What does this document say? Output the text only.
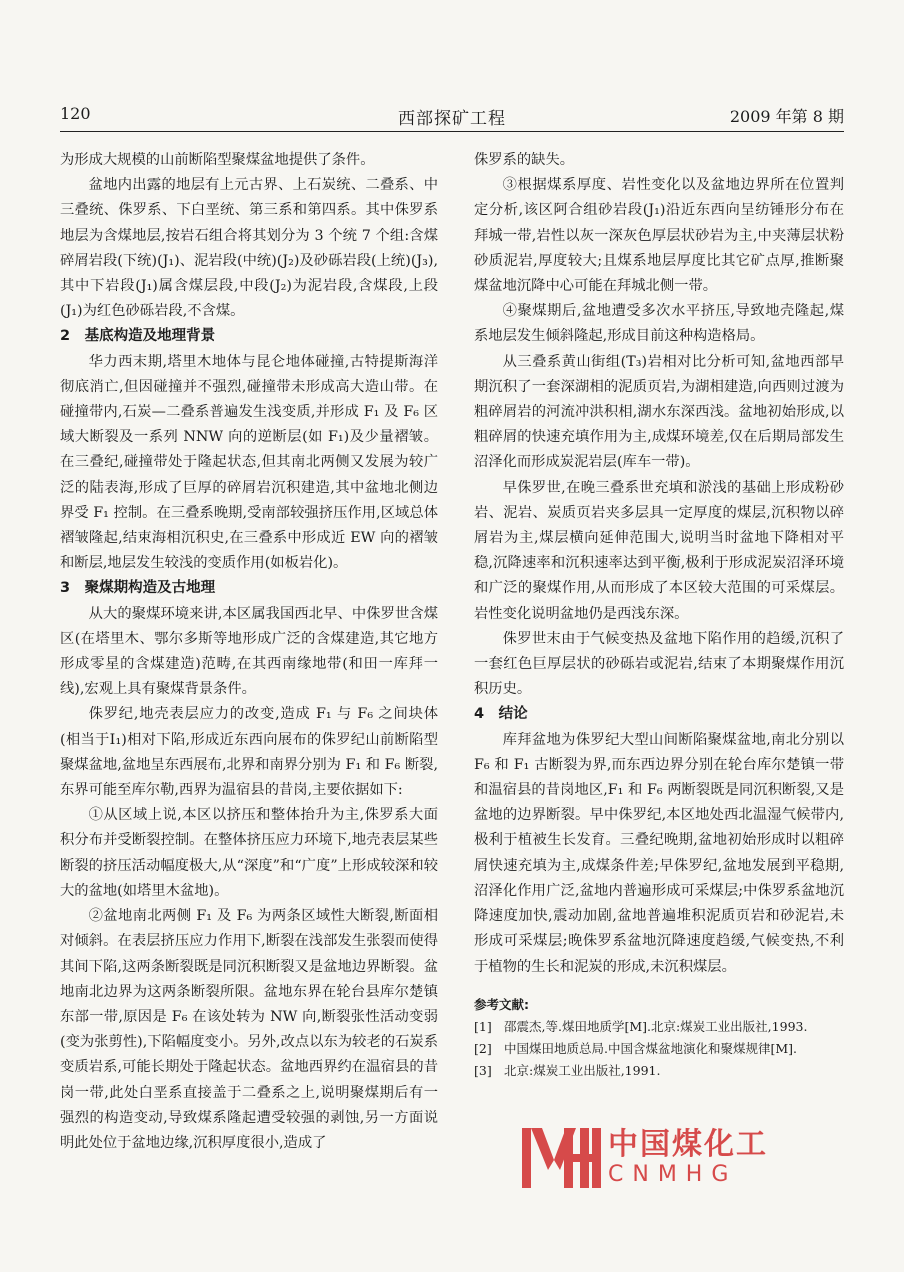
120	西部探矿工程	2009 年第 8 期

为形成大规模的山前断陷型聚煤盆地提供了条件。

盆地内出露的地层有上元古界、上石炭统、二叠系、中三叠统、侏罗系、下白垩统、第三系和第四系。其中侏罗系地层为含煤地层,按岩石组合将其划分为 3 个统 7 个组:含煤碎屑岩段(下统)(J₁)、泥岩段(中统)(J₂)及砂砾岩段(上统)(J₃),其中下岩段(J₁)属含煤层段,中段(J₂)为泥岩段,含煤段,上段(J₁)为红色砂砾岩段,不含煤。

2　基底构造及地理背景

华力西末期,塔里木地体与昆仑地体碰撞,古特提斯海洋彻底消亡,但因碰撞并不强烈,碰撞带未形成高大造山带。在碰撞带内,石炭—二叠系普遍发生浅变质,并形成 F₁ 及 F₆ 区域大断裂及一系列 NNW 向的逆断层(如 F₁)及少量褶皱。在三叠纪,碰撞带处于隆起状态,但其南北两侧又发展为较广泛的陆表海,形成了巨厚的碎屑岩沉积建造,其中盆地北侧边界受 F₁ 控制。在三叠系晚期,受南部较强挤压作用,区域总体褶皱隆起,结束海相沉积史,在三叠系中形成近 EW 向的褶皱和断层,地层发生较浅的变质作用(如板岩化)。

3　聚煤期构造及古地理

从大的聚煤环境来讲,本区属我国西北早、中侏罗世含煤区(在塔里木、鄂尔多斯等地形成广泛的含煤建造,其它地方形成零星的含煤建造)范畴,在其西南缘地带(和田一库拜一线),宏观上具有聚煤背景条件。

侏罗纪,地壳表层应力的改变,造成 F₁ 与 F₆ 之间块体(相当于Ⅰ₁)相对下陷,形成近东西向展布的侏罗纪山前断陷型聚煤盆地,盆地呈东西展布,北界和南界分别为 F₁ 和 F₆ 断裂,东界可能至库尔勒,西界为温宿县的昔岗,主要依据如下:

①从区域上说,本区以挤压和整体抬升为主,侏罗系大面积分布并受断裂控制。在整体挤压应力环境下,地壳表层某些断裂的挤压活动幅度极大,从“深度”和“广度”上形成较深和较大的盆地(如塔里木盆地)。

②盆地南北两侧 F₁ 及 F₆ 为两条区域性大断裂,断面相对倾斜。在表层挤压应力作用下,断裂在浅部发生张裂而使得其间下陷,这两条断裂既是同沉积断裂又是盆地边界断裂。盆地南北边界为这两条断裂所限。盆地东界在轮台县库尔楚镇东部一带,原因是 F₆ 在该处转为 NW 向,断裂张性活动变弱(变为张剪性),下陷幅度变小。另外,改点以东为较老的石炭系变质岩系,可能长期处于隆起状态。盆地西界约在温宿县的昔岗一带,此处白垩系直接盖于二叠系之上,说明聚煤期后有一强烈的构造变动,导致煤系隆起遭受较强的剥蚀,另一方面说明此处位于盆地边缘,沉积厚度很小,造成了

侏罗系的缺失。

③根据煤系厚度、岩性变化以及盆地边界所在位置判定分析,该区阿合组砂岩段(J₁)沿近东西向呈纺锤形分布在拜城一带,岩性以灰一深灰色厚层状砂岩为主,中夹薄层状粉砂质泥岩,厚度较大;且煤系地层厚度比其它矿点厚,推断聚煤盆地沉降中心可能在拜城北侧一带。

④聚煤期后,盆地遭受多次水平挤压,导致地壳隆起,煤系地层发生倾斜隆起,形成目前这种构造格局。

从三叠系黄山街组(T₃)岩相对比分析可知,盆地西部早期沉积了一套深湖相的泥质页岩,为湖相建造,向西则过渡为粗碎屑岩的河流冲洪积相,湖水东深西浅。盆地初始形成,以粗碎屑的快速充填作用为主,成煤环境差,仅在后期局部发生沼泽化而形成炭泥岩层(库车一带)。

早侏罗世,在晚三叠系世充填和淤浅的基础上形成粉砂岩、泥岩、炭质页岩夹多层具一定厚度的煤层,沉积物以碎屑岩为主,煤层横向延伸范围大,说明当时盆地下降相对平稳,沉降速率和沉积速率达到平衡,极利于形成泥炭沼泽环境和广泛的聚煤作用,从而形成了本区较大范围的可采煤层。岩性变化说明盆地仍是西浅东深。

侏罗世末由于气候变热及盆地下陷作用的趋缓,沉积了一套红色巨厚层状的砂砾岩或泥岩,结束了本期聚煤作用沉积历史。

4　结论

库拜盆地为侏罗纪大型山间断陷聚煤盆地,南北分别以 F₆ 和 F₁ 古断裂为界,而东西边界分别在轮台库尔楚镇一带和温宿县的昔岗地区,F₁ 和 F₆ 两断裂既是同沉积断裂,又是盆地的边界断裂。早中侏罗纪,本区地处西北温湿气候带内,极利于植被生长发育。三叠纪晚期,盆地初始形成时以粗碎屑快速充填为主,成煤条件差;早侏罗纪,盆地发展到平稳期,沼泽化作用广泛,盆地内普遍形成可采煤层;中侏罗系盆地沉降速度加快,震动加剧,盆地普遍堆积泥质页岩和砂泥岩,未形成可采煤层;晚侏罗系盆地沉降速度趋缓,气候变热,不利于植物的生长和泥炭的形成,未沉积煤层。

参考文献:
[1] 邵震杰,等.煤田地质学[M].北京:煤炭工业出版社,1993.
[2] 中国煤田地质总局.中国含煤盆地演化和聚煤规律[M].
[3] 北京:煤炭工业出版社,1991.
中国煤化工
CNMHG
